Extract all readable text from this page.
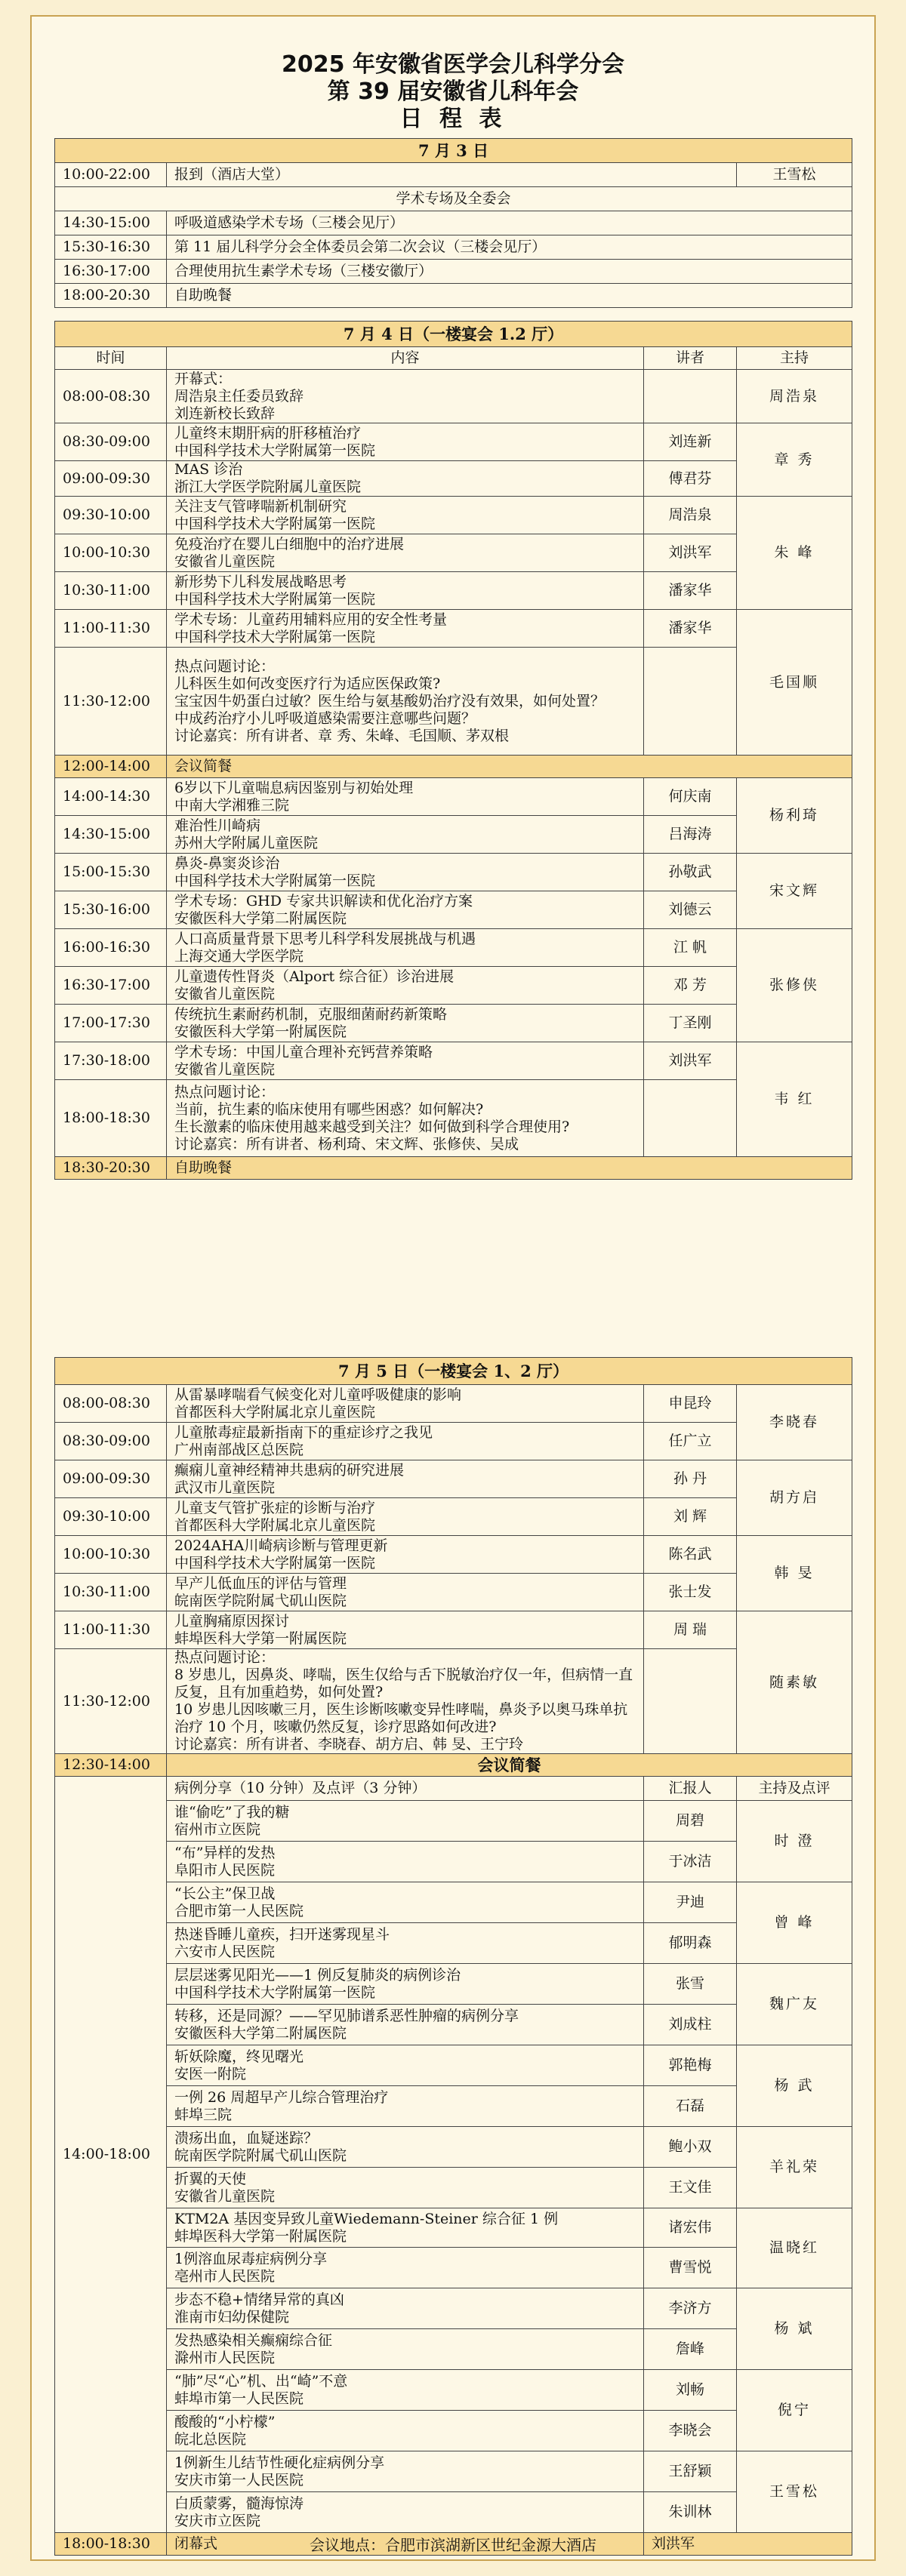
2025 年安徽省医学会儿科学分会
第 39 届安徽省儿科年会
日 程 表
7 月 3 日		
10:00-22:00	报到（酒店大堂）	王雪松
学术专场及全委会		
14:30-15:00	呼吸道感染学术专场（三楼会见厅）	
15:30-16:30	第 11 届儿科学分会全体委员会第二次会议（三楼会见厅）	
16:30-17:00	合理使用抗生素学术专场（三楼安徽厅）	
18:00-20:30	自助晚餐	
7 月 4 日（一楼宴会 1.2 厅）			
时间	内容	讲者	主持
08:00-08:30	开幕式：
周浩泉主任委员致辞
刘连新校长致辞		周浩泉
08:30-09:00	儿童终末期肝病的肝移植治疗
中国科学技术大学附属第一医院	刘连新	章 秀
09:00-09:30	MAS 诊治
浙江大学医学院附属儿童医院	傅君芬	
09:30-10:00	关注支气管哮喘新机制研究
中国科学技术大学附属第一医院	周浩泉	朱 峰
10:00-10:30	免疫治疗在婴儿白细胞中的治疗进展
安徽省儿童医院	刘洪军	
10:30-11:00	新形势下儿科发展战略思考
中国科学技术大学附属第一医院	潘家华	
11:00-11:30	学术专场：儿童药用辅料应用的安全性考量
中国科学技术大学附属第一医院	潘家华	毛国顺
11:30-12:00	热点问题讨论：
儿科医生如何改变医疗行为适应医保政策?
宝宝因牛奶蛋白过敏？医生给与氨基酸奶治疗没有效果，如何处置？
中成药治疗小儿呼吸道感染需要注意哪些问题？
讨论嘉宾：所有讲者、章 秀、朱峰、毛国顺、茅双根		

12:00-14:00	会议简餐		
14:00-14:30	6岁以下儿童喘息病因鉴别与初始处理
中南大学湘雅三院	何庆南	杨利琦
14:30-15:00	难治性川崎病
苏州大学附属儿童医院	吕海涛	
15:00-15:30	鼻炎-鼻窦炎诊治
中国科学技术大学附属第一医院	孙敬武	宋文辉
15:30-16:00	学术专场：GHD 专家共识解读和优化治疗方案
安徽医科大学第二附属医院	刘德云	
16:00-16:30	人口高质量背景下思考儿科学科发展挑战与机遇
上海交通大学医学院	江 帆	张修侠
16:30-17:00	儿童遗传性肾炎（Alport 综合征）诊治进展
安徽省儿童医院	邓 芳	
17:00-17:30	传统抗生素耐药机制，克服细菌耐药新策略
安徽医科大学第一附属医院	丁圣刚	
17:30-18:00	学术专场：中国儿童合理补充钙营养策略
安徽省儿童医院	刘洪军	韦 红
18:00-18:30	热点问题讨论：
当前，抗生素的临床使用有哪些困惑？如何解决?
生长激素的临床使用越来越受到关注？如何做到科学合理使用?
讨论嘉宾：所有讲者、杨利琦、宋文辉、张修侠、吴成		

18:30-20:30	自助晚餐		
7 月 5 日（一楼宴会 1、2 厅）			
08:00-08:30	从雷暴哮喘看气候变化对儿童呼吸健康的影响
首都医科大学附属北京儿童医院	申昆玲	李晓春
08:30-09:00	儿童脓毒症最新指南下的重症诊疗之我见
广州南部战区总医院	任广立	
09:00-09:30	癫痫儿童神经精神共患病的研究进展
武汉市儿童医院	孙 丹	胡方启
09:30-10:00	儿童支气管扩张症的诊断与治疗
首都医科大学附属北京儿童医院	刘 辉	
10:00-10:30	2024AHA川崎病诊断与管理更新
中国科学技术大学附属第一医院	陈名武	韩 旻
10:30-11:00	早产儿低血压的评估与管理
皖南医学院附属弋矶山医院	张士发	
11:00-11:30	儿童胸痛原因探讨
蚌埠医科大学第一附属医院	周 瑞	随素敏
11:30-12:00	热点问题讨论：
8 岁患儿，因鼻炎、哮喘，医生仅给与舌下脱敏治疗仅一年，但病情一直反复，且有加重趋势，如何处置?
10 岁患儿因咳嗽三月，医生诊断咳嗽变异性哮喘，鼻炎予以奥马珠单抗治疗 10 个月，咳嗽仍然反复，诊疗思路如何改进?
讨论嘉宾：所有讲者、李晓春、胡方启、韩 旻、王宁玲		

12:30-14:00	会议简餐		
14:00-18:00	病例分享（10 分钟）及点评（3 分钟）	汇报人	主持及点评

	谁“偷吃”了我的糖
宿州市立医院	周碧	时 澄

	“布”异样的发热
阜阳市人民医院	于冰洁	

	“长公主”保卫战
合肥市第一人民医院	尹迪	曾 峰

	热迷昏睡儿童疾，扫开迷雾现星斗
六安市人民医院	郁明森	

	层层迷雾见阳光——1 例反复肺炎的病例诊治
中国科学技术大学附属第一医院	张雪	魏广友

	转移，还是同源？——罕见肺谱系恶性肿瘤的病例分享
安徽医科大学第二附属医院	刘成柱	

	斩妖除魔，终见曙光
安医一附院	郭艳梅	杨 武

	一例 26 周超早产儿综合管理治疗
蚌埠三院	石磊	

	溃疡出血，血疑迷踪？
皖南医学院附属弋矶山医院	鲍小双	羊礼荣

	折翼的天使
安徽省儿童医院	王文佳	

	KTM2A 基因变异致儿童Wiedemann-Steiner 综合征 1 例
蚌埠医科大学第一附属医院	诸宏伟	温晓红

	1例溶血尿毒症病例分享
亳州市人民医院	曹雪悦	

	步态不稳+情绪异常的真凶
淮南市妇幼保健院	李济方	杨 斌

	发热感染相关癫痫综合征
滁州市人民医院	詹峰	

	“肺”尽“心”机、出“崎”不意
蚌埠市第一人民医院	刘畅	倪宁

	酸酸的“小柠檬”
皖北总医院	李晓会	

	1例新生儿结节性硬化症病例分享
安庆市第一人民医院	王舒颖	王雪松

	白质蒙雾，髓海惊涛
安庆市立医院	朱训林	
18:00-18:30	闭幕式	刘洪军	
会议地点：合肥市滨湖新区世纪金源大酒店
